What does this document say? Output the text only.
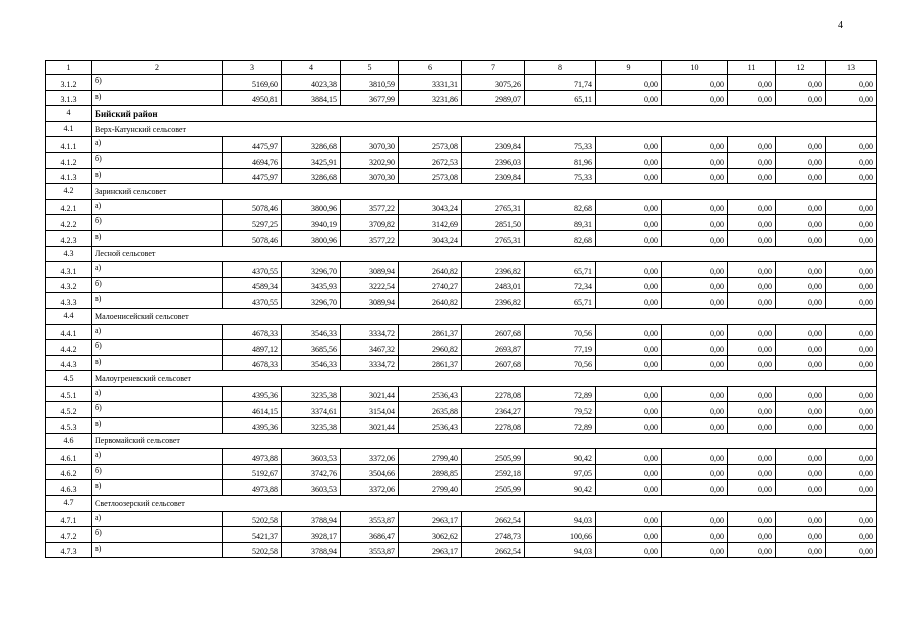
4
1	2	3	4	5	6	7	8	9	10	11	12	13
3.1.2	б)	5169,60	4023,38	3810,59	3331,31	3075,26	71,74	0,00	0,00	0,00	0,00	0,00
3.1.3	в)	4950,81	3884,15	3677,99	3231,86	2989,07	65,11	0,00	0,00	0,00	0,00	0,00
4	Бийский район											
4.1	Верх-Катунский сельсовет											
4.1.1	а)	4475,97	3286,68	3070,30	2573,08	2309,84	75,33	0,00	0,00	0,00	0,00	0,00
4.1.2	б)	4694,76	3425,91	3202,90	2672,53	2396,03	81,96	0,00	0,00	0,00	0,00	0,00
4.1.3	в)	4475,97	3286,68	3070,30	2573,08	2309,84	75,33	0,00	0,00	0,00	0,00	0,00
4.2	Заринский сельсовет											
4.2.1	а)	5078,46	3800,96	3577,22	3043,24	2765,31	82,68	0,00	0,00	0,00	0,00	0,00
4.2.2	б)	5297,25	3940,19	3709,82	3142,69	2851,50	89,31	0,00	0,00	0,00	0,00	0,00
4.2.3	в)	5078,46	3800,96	3577,22	3043,24	2765,31	82,68	0,00	0,00	0,00	0,00	0,00
4.3	Лесной сельсовет											
4.3.1	а)	4370,55	3296,70	3089,94	2640,82	2396,82	65,71	0,00	0,00	0,00	0,00	0,00
4.3.2	б)	4589,34	3435,93	3222,54	2740,27	2483,01	72,34	0,00	0,00	0,00	0,00	0,00
4.3.3	в)	4370,55	3296,70	3089,94	2640,82	2396,82	65,71	0,00	0,00	0,00	0,00	0,00
4.4	Малоенисейский сельсовет											
4.4.1	а)	4678,33	3546,33	3334,72	2861,37	2607,68	70,56	0,00	0,00	0,00	0,00	0,00
4.4.2	б)	4897,12	3685,56	3467,32	2960,82	2693,87	77,19	0,00	0,00	0,00	0,00	0,00
4.4.3	в)	4678,33	3546,33	3334,72	2861,37	2607,68	70,56	0,00	0,00	0,00	0,00	0,00
4.5	Малоугреневский сельсовет											
4.5.1	а)	4395,36	3235,38	3021,44	2536,43	2278,08	72,89	0,00	0,00	0,00	0,00	0,00
4.5.2	б)	4614,15	3374,61	3154,04	2635,88	2364,27	79,52	0,00	0,00	0,00	0,00	0,00
4.5.3	в)	4395,36	3235,38	3021,44	2536,43	2278,08	72,89	0,00	0,00	0,00	0,00	0,00
4.6	Первомайский сельсовет											
4.6.1	а)	4973,88	3603,53	3372,06	2799,40	2505,99	90,42	0,00	0,00	0,00	0,00	0,00
4.6.2	б)	5192,67	3742,76	3504,66	2898,85	2592,18	97,05	0,00	0,00	0,00	0,00	0,00
4.6.3	в)	4973,88	3603,53	3372,06	2799,40	2505,99	90,42	0,00	0,00	0,00	0,00	0,00
4.7	Светлоозерский сельсовет											
4.7.1	а)	5202,58	3788,94	3553,87	2963,17	2662,54	94,03	0,00	0,00	0,00	0,00	0,00
4.7.2	б)	5421,37	3928,17	3686,47	3062,62	2748,73	100,66	0,00	0,00	0,00	0,00	0,00
4.7.3	в)	5202,58	3788,94	3553,87	2963,17	2662,54	94,03	0,00	0,00	0,00	0,00	0,00
